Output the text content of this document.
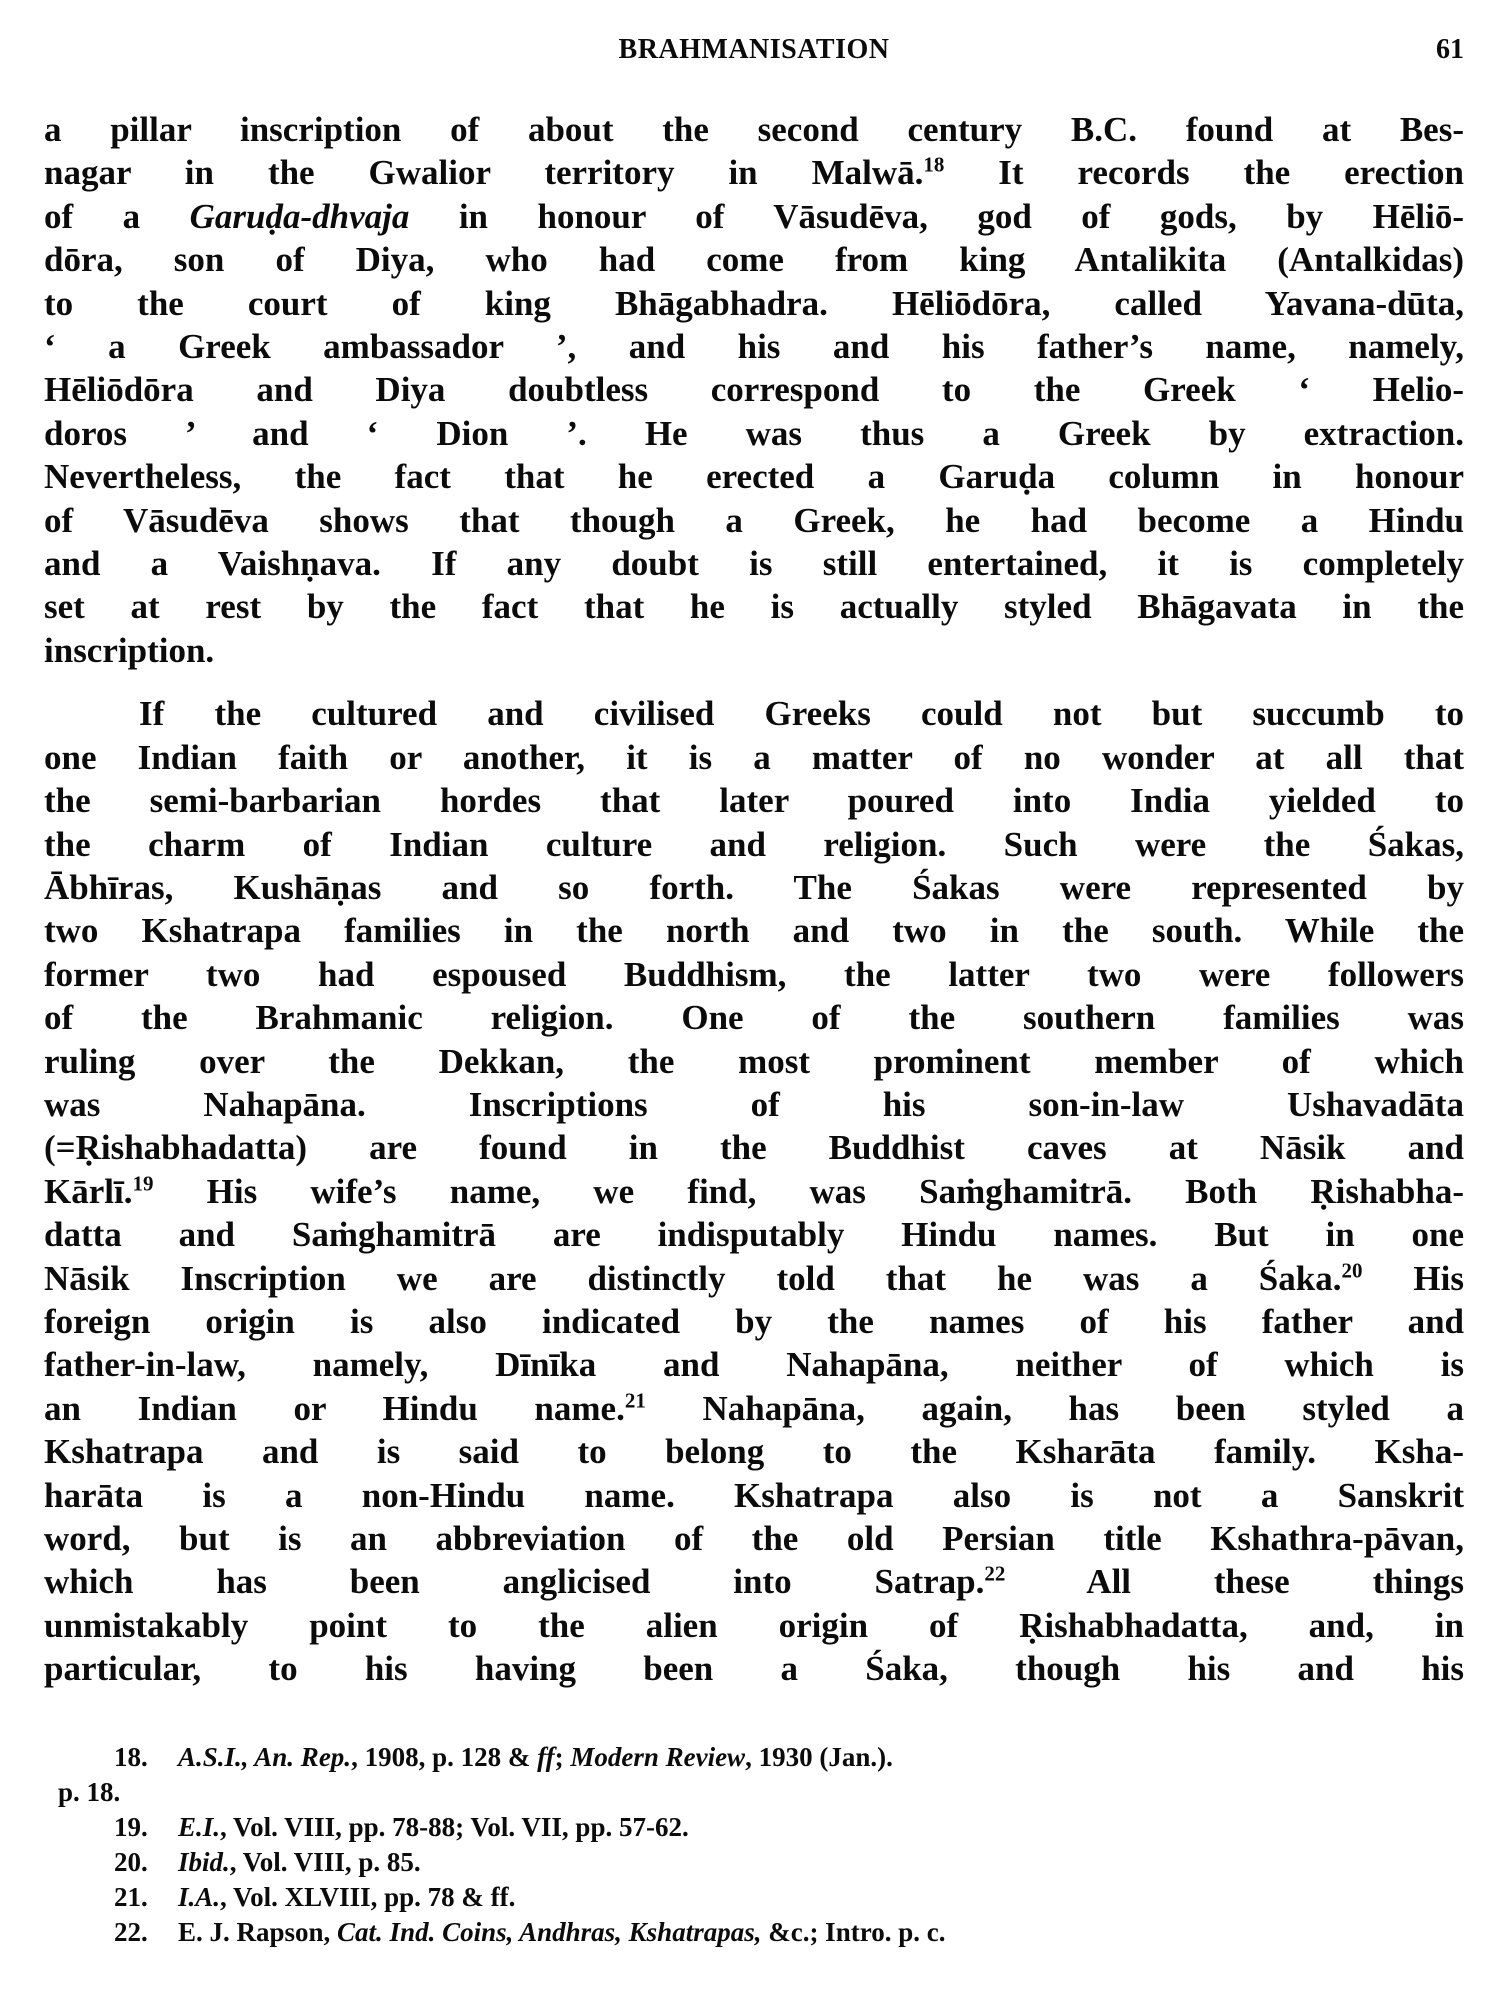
BRAHMANISATION	61

a pillar inscription of about the second century B.C. found at Bes-
nagar in the Gwalior territory in Malwā.$^{18}$ It records the erection
of a Garuḍa-dhvaja in honour of Vāsudēva, god of gods, by Hēliō-
dōra, son of Diya, who had come from king Antalikita (Antalkidas)
to the court of king Bhāgabhadra. Hēliōdōra, called Yavana-dūta,
‘ a Greek ambassador ’, and his and his father’s name, namely,
Hēliōdōra and Diya doubtless correspond to the Greek ‘ Helio-
doros ’ and ‘ Dion ’. He was thus a Greek by extraction.
Nevertheless, the fact that he erected a Garuḍa column in honour
of Vāsudēva shows that though a Greek, he had become a Hindu
and a Vaishṇava. If any doubt is still entertained, it is completely
set at rest by the fact that he is actually styled Bhāgavata in the
inscription.

If the cultured and civilised Greeks could not but succumb to
one Indian faith or another, it is a matter of no wonder at all that
the semi-barbarian hordes that later poured into India yielded to
the charm of Indian culture and religion. Such were the Śakas,
Ābhīras, Kushāṇas and so forth. The Śakas were represented by
two Kshatrapa families in the north and two in the south. While the
former two had espoused Buddhism, the latter two were followers
of the Brahmanic religion. One of the southern families was
ruling over the Dekkan, the most prominent member of which
was Nahapāna. Inscriptions of his son-in-law Ushavadāta
(=Ṛishabhadatta) are found in the Buddhist caves at Nāsik and
Kārlī.$^{19}$ His wife’s name, we find, was Saṁghamitrā. Both Ṛishabha-
datta and Saṁghamitrā are indisputably Hindu names. But in one
Nāsik Inscription we are distinctly told that he was a Śaka.$^{20}$ His
foreign origin is also indicated by the names of his father and
father-in-law, namely, Dīnīka and Nahapāna, neither of which is
an Indian or Hindu name.$^{21}$ Nahapāna, again, has been styled a
Kshatrapa and is said to belong to the Ksharāta family. Ksha-
harāta is a non-Hindu name. Kshatrapa also is not a Sanskrit
word, but is an abbreviation of the old Persian title Kshathra-pāvan,
which has been anglicised into Satrap.$^{22}$ All these things
unmistakably point to the alien origin of Ṛishabhadatta, and, in
particular, to his having been a Śaka, though his and his

18. A.S.I., An. Rep., 1908, p. 128 & ff; Modern Review, 1930 (Jan.).
p. 18.
19. E.I., Vol. VIII, pp. 78-88; Vol. VII, pp. 57-62.
20. Ibid., Vol. VIII, p. 85.
21. I.A., Vol. XLVIII, pp. 78 & ff.
22. E. J. Rapson, Cat. Ind. Coins, Andhras, Kshatrapas, &c.; Intro. p. c.
